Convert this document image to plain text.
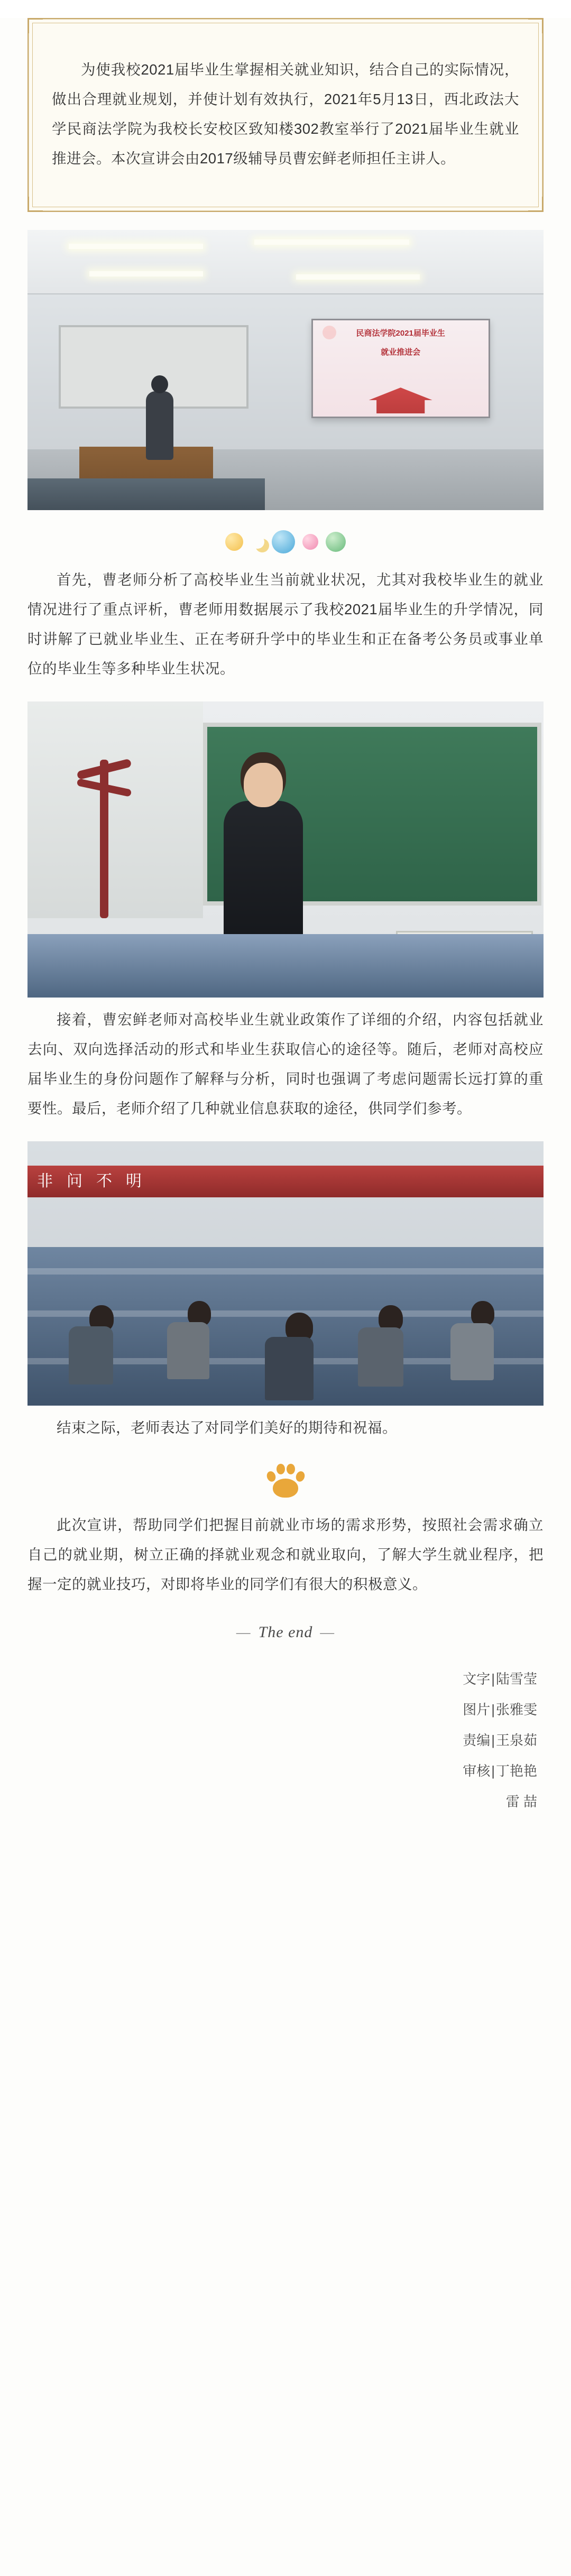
为使我校2021届毕业生掌握相关就业知识，结合自己的实际情况，做出合理就业规划，并使计划有效执行，2021年5月13日，西北政法大学民商法学院为我校长安校区致知楼302教室举行了2021届毕业生就业推进会。本次宣讲会由2017级辅导员曹宏鲜老师担任主讲人。

民商法学院2021届毕业生
就业推进会

首先，曹老师分析了高校毕业生当前就业状况，尤其对我校毕业生的就业情况进行了重点评析，曹老师用数据展示了我校2021届毕业生的升学情况，同时讲解了已就业毕业生、正在考研升学中的毕业生和正在备考公务员或事业单位的毕业生等多种毕业生状况。

接着，曹宏鲜老师对高校毕业生就业政策作了详细的介绍，内容包括就业去向、双向选择活动的形式和毕业生获取信心的途径等。随后，老师对高校应届毕业生的身份问题作了解释与分析，同时也强调了考虑问题需长远打算的重要性。最后，老师介绍了几种就业信息获取的途径，供同学们参考。

非问不明

结束之际，老师表达了对同学们美好的期待和祝福。

此次宣讲，帮助同学们把握目前就业市场的需求形势，按照社会需求确立自己的就业期，树立正确的择就业观念和就业取向，了解大学生就业程序，把握一定的就业技巧，对即将毕业的同学们有很大的积极意义。

— The end —
文字|陆雪莹
图片|张雅雯
责编|王泉茹
审核|丁艳艳
雷 喆
